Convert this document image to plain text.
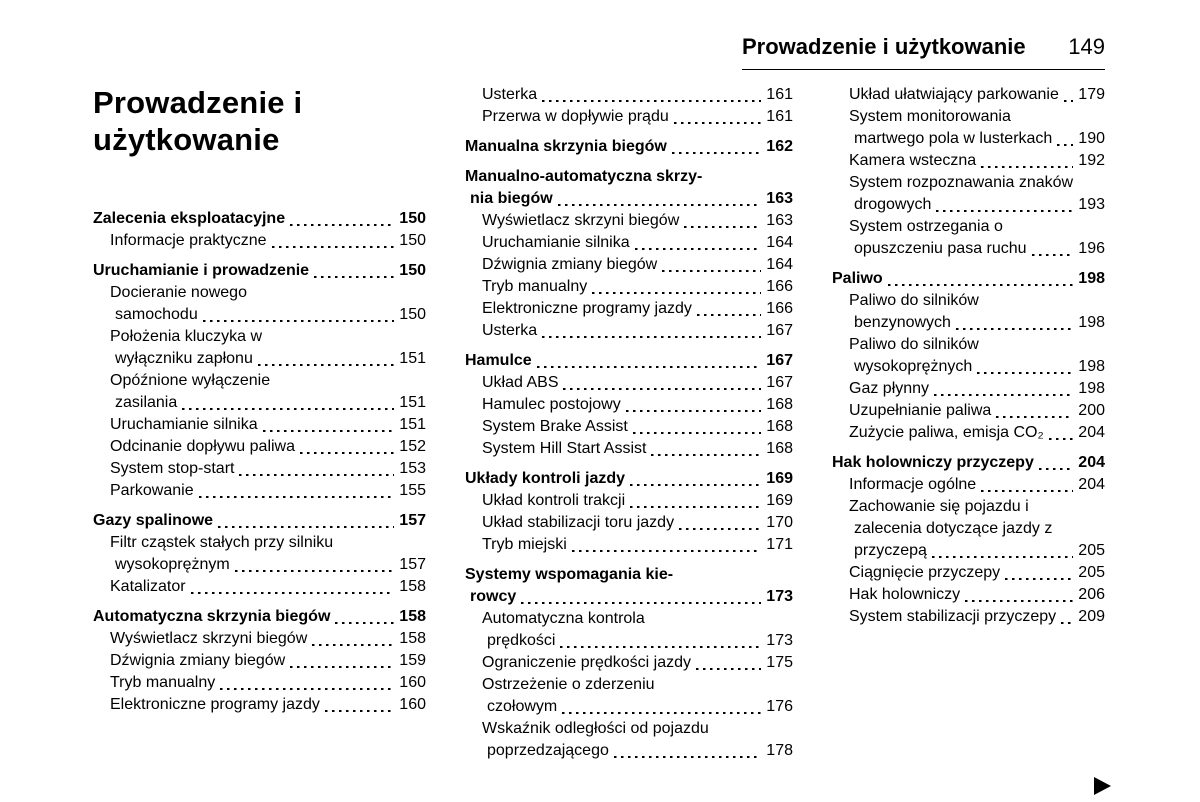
Prowadzenie i użytkowanie 149
Prowadzenie i
użytkowanie
Zalecenia eksploatacyjne	150
Informacje praktyczne	150
Uruchamianie i prowadzenie	150
Docieranie nowego
samochodu	150
Położenia kluczyka w
wyłączniku zapłonu	151
Opóźnione wyłączenie
zasilania	151
Uruchamianie silnika	151
Odcinanie dopływu paliwa	152
System stop-start	153
Parkowanie	155
Gazy spalinowe	157
Filtr cząstek stałych przy silniku
wysokoprężnym	157
Katalizator	158
Automatyczna skrzynia biegów	158
Wyświetlacz skrzyni biegów	158
Dźwignia zmiany biegów	159
Tryb manualny	160
Elektroniczne programy jazdy	160
Usterka	161
Przerwa w dopływie prądu	161
Manualna skrzynia biegów	162
Manualno-automatyczna skrzy-
nia biegów	163
Wyświetlacz skrzyni biegów	163
Uruchamianie silnika	164
Dźwignia zmiany biegów	164
Tryb manualny	166
Elektroniczne programy jazdy	166
Usterka	167
Hamulce	167
Układ ABS	167
Hamulec postojowy	168
System Brake Assist	168
System Hill Start Assist	168
Układy kontroli jazdy	169
Układ kontroli trakcji	169
Układ stabilizacji toru jazdy	170
Tryb miejski	171
Systemy wspomagania kie-
rowcy	173
Automatyczna kontrola
prędkości	173
Ograniczenie prędkości jazdy	175
Ostrzeżenie o zderzeniu
czołowym	176
Wskaźnik odległości od pojazdu
poprzedzającego	178
Układ ułatwiający parkowanie 179
System monitorowania
martwego pola w lusterkach 190
Kamera wsteczna	192
System rozpoznawania znaków
drogowych	193
System ostrzegania o
opuszczeniu pasa ruchu	196
Paliwo	198
Paliwo do silników
benzynowych	198
Paliwo do silników
wysokoprężnych	198
Gaz płynny	198
Uzupełnianie paliwa	200
Zużycie paliwa, emisja CO₂ 204
Hak holowniczy przyczepy	204
Informacje ogólne	204
Zachowanie się pojazdu i
zalecenia dotyczące jazdy z
przyczepą	205
Ciągnięcie przyczepy	205
Hak holowniczy	206
System stabilizacji przyczepy 209
